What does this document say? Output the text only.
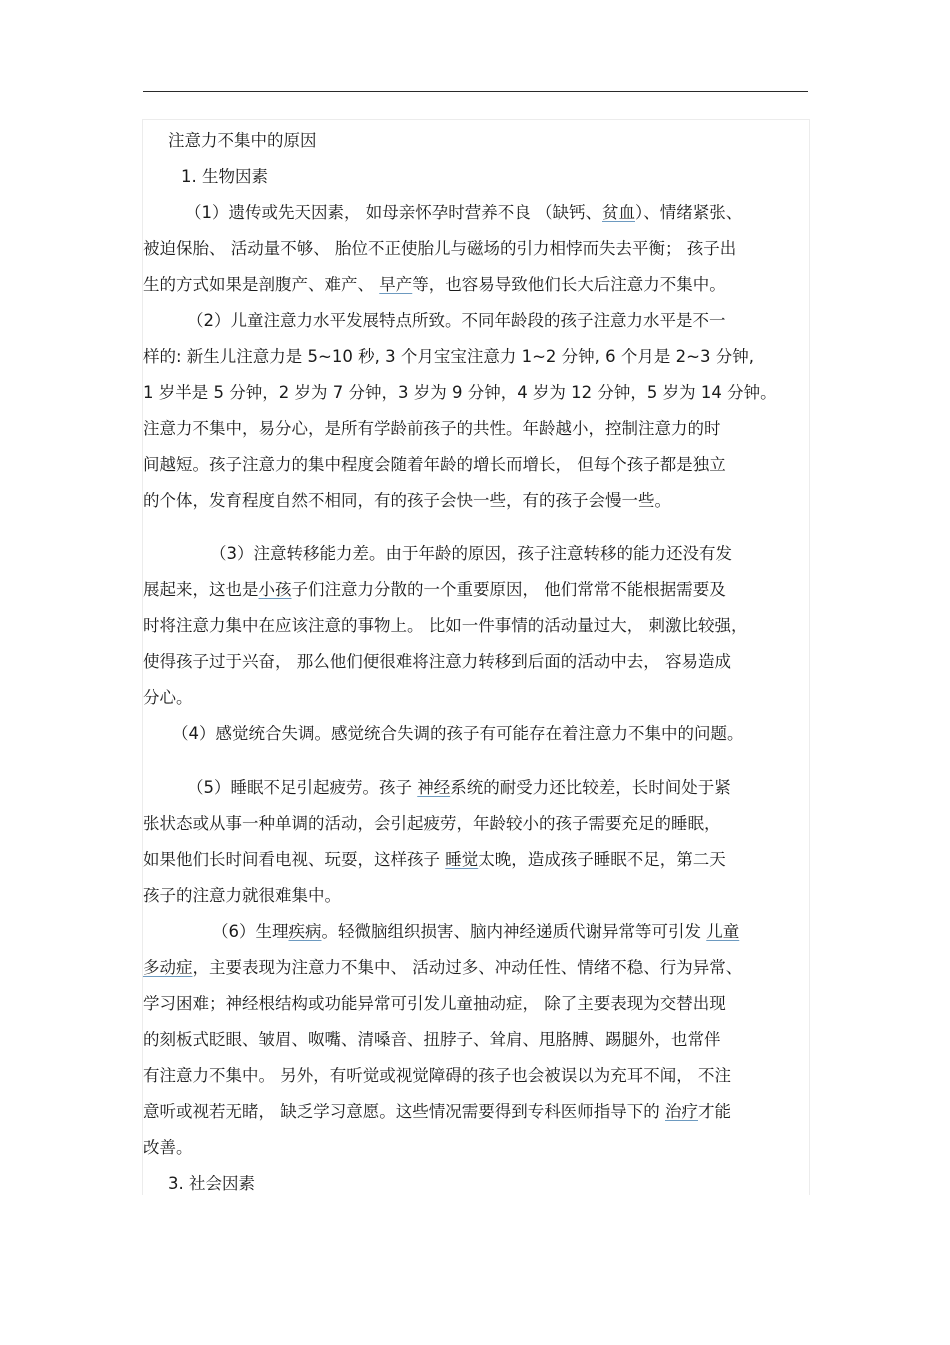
注意力不集中的原因
1. 生物因素
（1）遗传或先天因素， 如母亲怀孕时营养不良 （缺钙、贫血）、情绪紧张、
被迫保胎、 活动量不够、 胎位不正使胎儿与磁场的引力相悖而失去平衡； 孩子出
生的方式如果是剖腹产、难产、 早产等，也容易导致他们长大后注意力不集中。
（2）儿童注意力水平发展特点所致。不同年龄段的孩子注意力水平是不一
样的: 新生儿注意力是 5~10 秒, 3 个月宝宝注意力 1~2 分钟, 6 个月是 2~3 分钟,
1 岁半是 5 分钟，2 岁为 7 分钟，3 岁为 9 分钟，4 岁为 12 分钟，5 岁为 14 分钟。
注意力不集中，易分心，是所有学龄前孩子的共性。年龄越小，控制注意力的时
间越短。孩子注意力的集中程度会随着年龄的增长而增长， 但每个孩子都是独立
的个体，发育程度自然不相同，有的孩子会快一些，有的孩子会慢一些。
（3）注意转移能力差。由于年龄的原因，孩子注意转移的能力还没有发
展起来，这也是小孩子们注意力分散的一个重要原因， 他们常常不能根据需要及
时将注意力集中在应该注意的事物上。 比如一件事情的活动量过大， 刺激比较强，
使得孩子过于兴奋， 那么他们便很难将注意力转移到后面的活动中去， 容易造成
分心。
（4）感觉统合失调。感觉统合失调的孩子有可能存在着注意力不集中的问题。
（5）睡眠不足引起疲劳。孩子 神经系统的耐受力还比较差，长时间处于紧
张状态或从事一种单调的活动，会引起疲劳，年龄较小的孩子需要充足的睡眠，
如果他们长时间看电视、玩耍，这样孩子 睡觉太晚，造成孩子睡眠不足，第二天
孩子的注意力就很难集中。
（6）生理疾病。轻微脑组织损害、脑内神经递质代谢异常等可引发 儿童
多动症，主要表现为注意力不集中、 活动过多、冲动任性、情绪不稳、行为异常、
学习困难；神经根结构或功能异常可引发儿童抽动症， 除了主要表现为交替出现
的刻板式眨眼、皱眉、呶嘴、清嗓音、扭脖子、耸肩、甩胳膊、踢腿外，也常伴
有注意力不集中。 另外，有听觉或视觉障碍的孩子也会被误以为充耳不闻， 不注
意听或视若无睹， 缺乏学习意愿。这些情况需要得到专科医师指导下的 治疗才能
改善。
3. 社会因素
